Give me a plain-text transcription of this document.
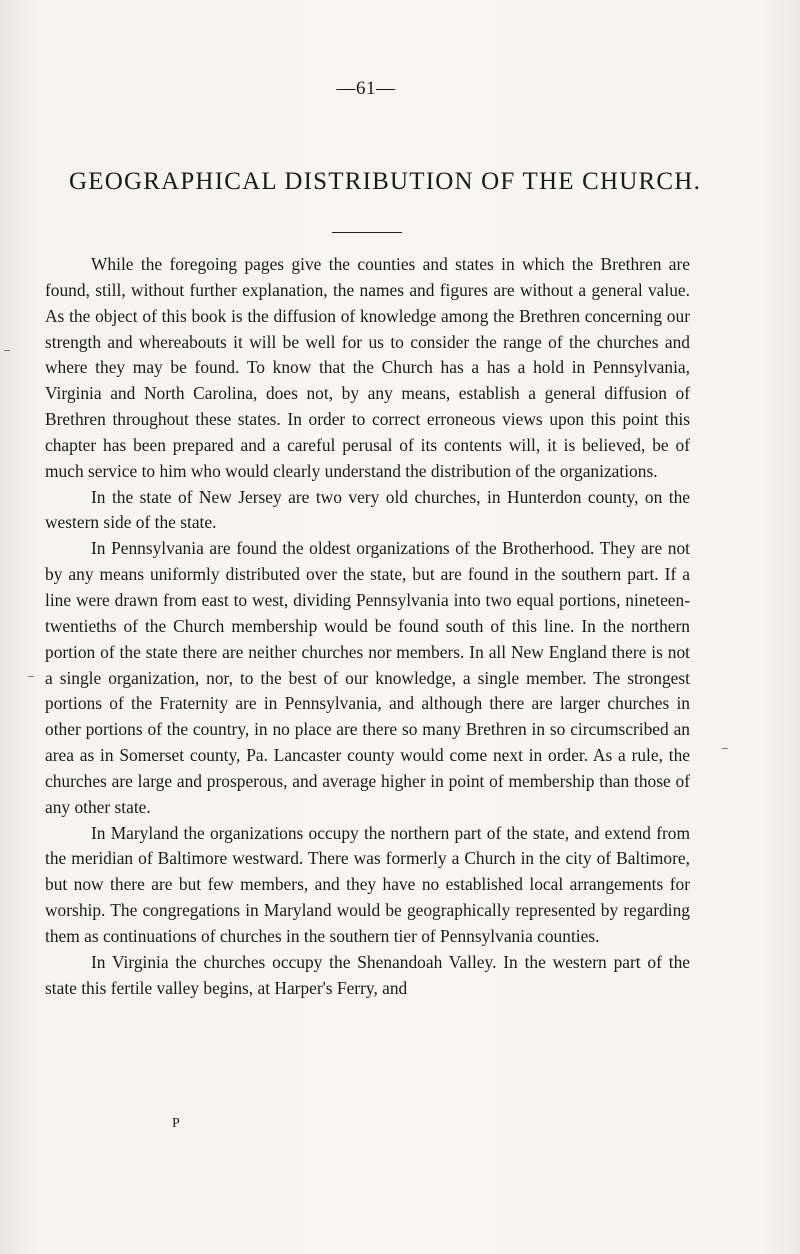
—61—
GEOGRAPHICAL DISTRIBUTION OF THE CHURCH.

While the foregoing pages give the counties and states in which the Brethren are found, still, without further explanation, the names and figures are without a general value. As the object of this book is the diffusion of knowledge among the Brethren concerning our strength and whereabouts it will be well for us to consider the range of the churches and where they may be found. To know that the Church has a has a hold in Pennsylvania, Virginia and North Carolina, does not, by any means, establish a general diffusion of Brethren throughout these states. In order to correct erroneous views upon this point this chapter has been prepared and a careful perusal of its contents will, it is believed, be of much service to him who would clearly understand the distribution of the organizations.

In the state of New Jersey are two very old churches, in Hunterdon county, on the western side of the state.

In Pennsylvania are found the oldest organizations of the Brotherhood. They are not by any means uniformly distributed over the state, but are found in the southern part. If a line were drawn from east to west, dividing Pennsylvania into two equal portions, nineteen-twentieths of the Church membership would be found south of this line. In the northern portion of the state there are neither churches nor members. In all New England there is not a single organization, nor, to the best of our knowledge, a single member. The strongest portions of the Fraternity are in Pennsylvania, and although there are larger churches in other portions of the country, in no place are there so many Brethren in so circumscribed an area as in Somerset county, Pa. Lancaster county would come next in order. As a rule, the churches are large and prosperous, and average higher in point of membership than those of any other state.

In Maryland the organizations occupy the northern part of the state, and extend from the meridian of Baltimore westward. There was formerly a Church in the city of Baltimore, but now there are but few members, and they have no established local arrangements for worship. The congregations in Maryland would be geographically represented by regarding them as continuations of churches in the southern tier of Pennsylvania counties.

In Virginia the churches occupy the Shenandoah Valley. In the western part of the state this fertile valley begins, at Harper's Ferry, and

P
